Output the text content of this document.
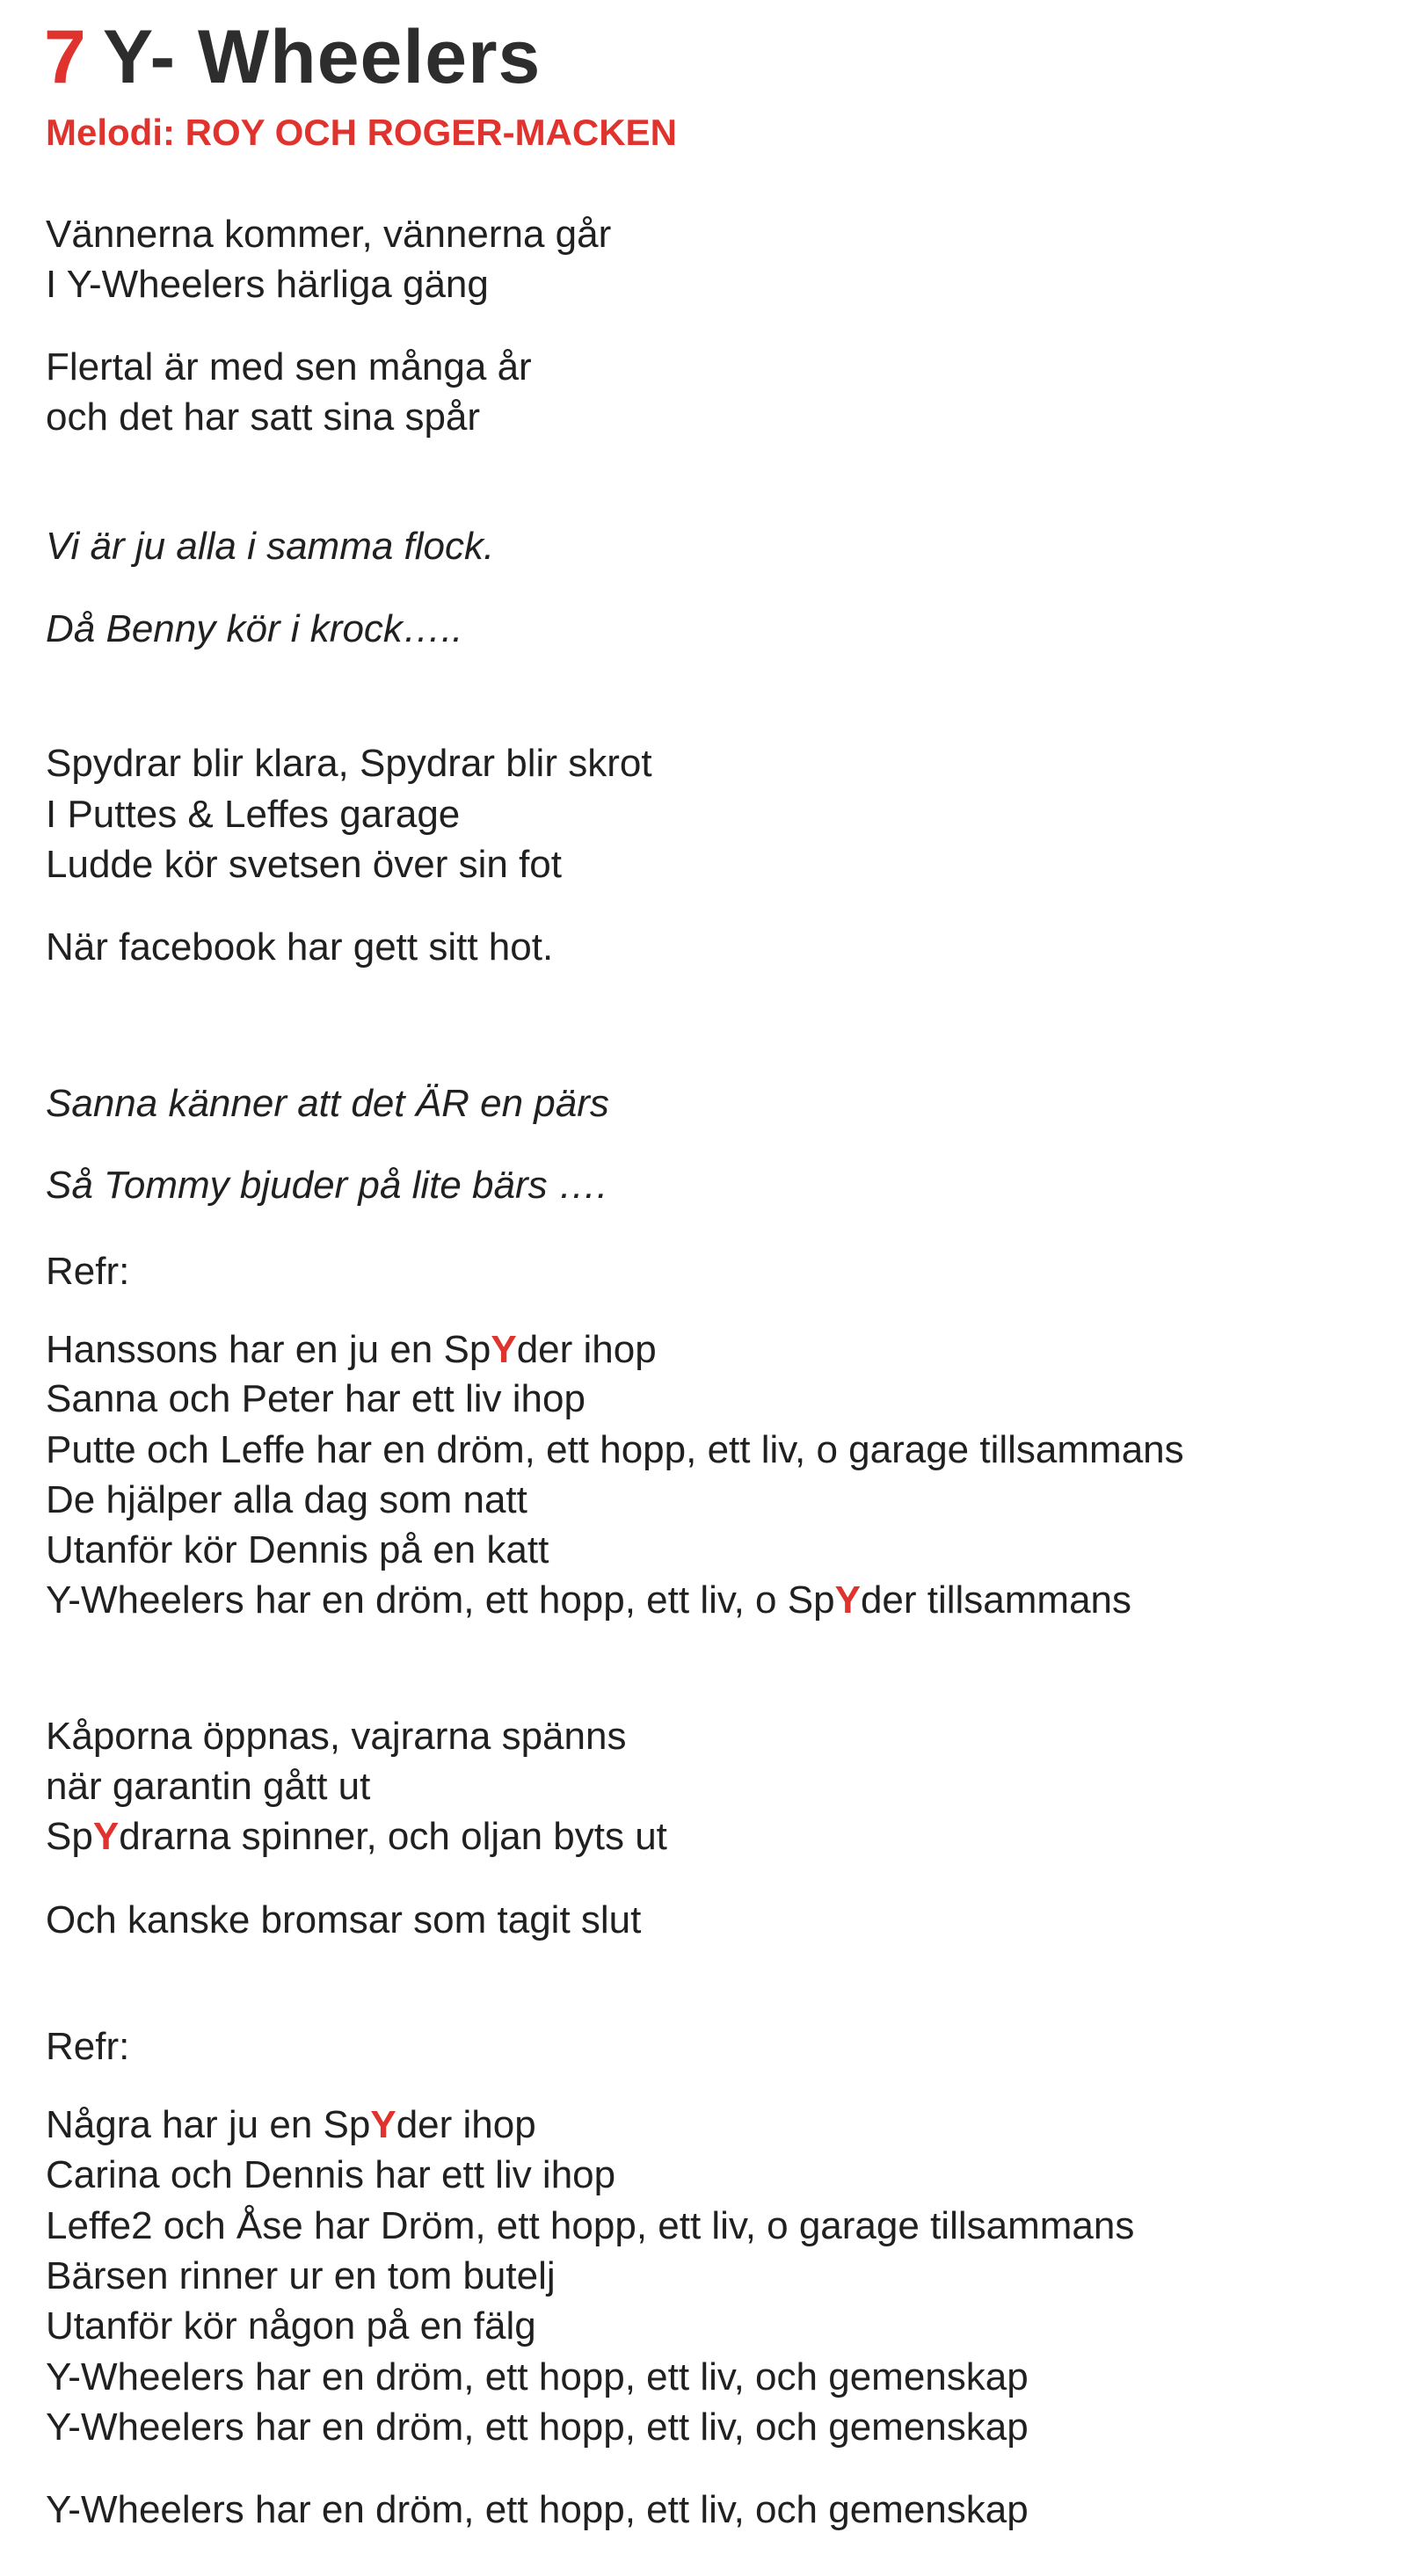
7 Y- Wheelers
Melodi: ROY OCH ROGER-MACKEN
Vännerna kommer, vännerna går
I Y-Wheelers härliga gäng
Flertal är med sen många år
och det har satt sina spår
Vi är ju alla i samma flock.
Då Benny kör i krock…..
Spydrar blir klara, Spydrar blir skrot
I Puttes & Leffes garage
Ludde kör svetsen över sin fot
När facebook har gett sitt hot.
Sanna känner att det ÄR en pärs
Så Tommy bjuder på lite bärs ….
Refr:
Hanssons har en ju en SpYder ihop
Sanna och Peter har ett liv ihop
Putte och Leffe har en dröm, ett hopp, ett liv, o garage tillsammans
De hjälper alla dag som natt
Utanför kör Dennis på en katt
Y-Wheelers har en dröm, ett hopp, ett liv, o SpYder tillsammans
Kåporna öppnas, vajrarna spänns
när garantin gått ut
SpYdrarna spinner, och oljan byts ut
Och kanske bromsar som tagit slut
Refr:
Några har ju en SpYder ihop
Carina och Dennis har ett liv ihop
Leffe2 och Åse har Dröm, ett hopp, ett liv, o garage tillsammans
Bärsen rinner ur en tom butelj
Utanför kör någon på en fälg
Y-Wheelers har en dröm, ett hopp, ett liv, och gemenskap
Y-Wheelers har en dröm, ett hopp, ett liv, och gemenskap
Y-Wheelers har en dröm, ett hopp, ett liv, och gemenskap
